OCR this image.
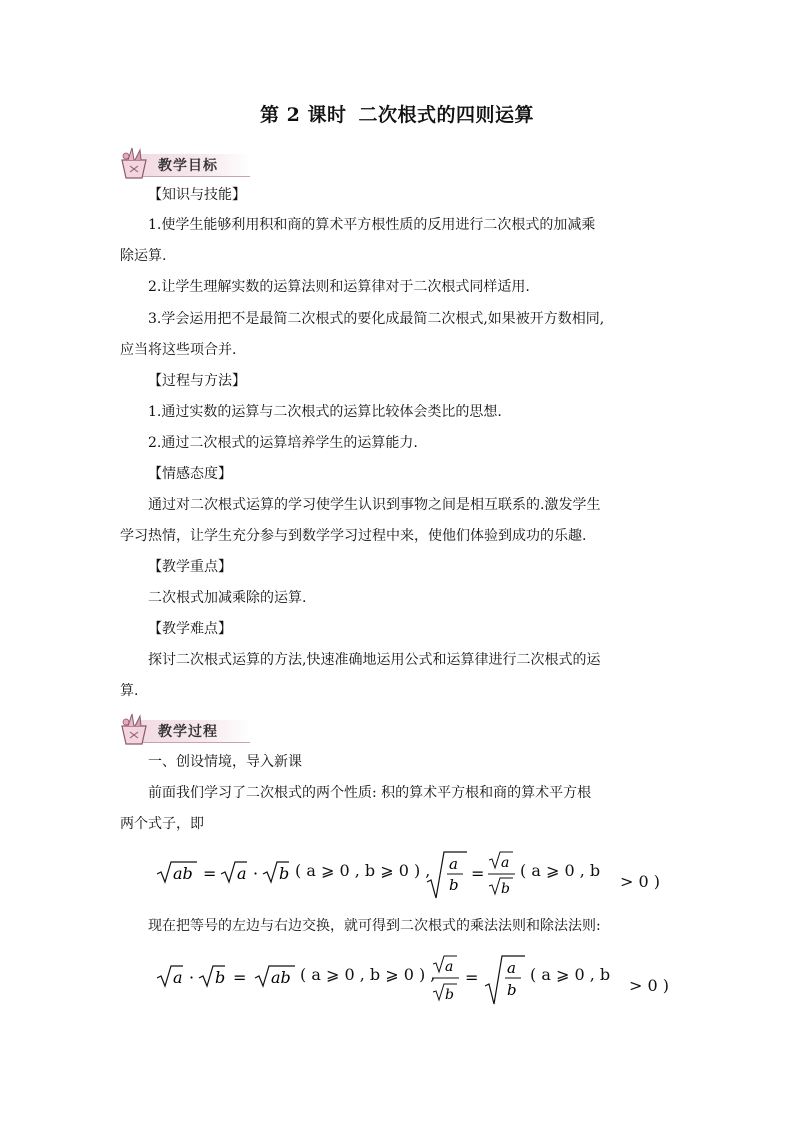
第 2 课时 二次根式的四则运算
教学目标
【知识与技能】
1.使学生能够利用积和商的算术平方根性质的反用进行二次根式的加减乘
除运算.
2.让学生理解实数的运算法则和运算律对于二次根式同样适用.
3.学会运用把不是最简二次根式的要化成最简二次根式,如果被开方数相同,
应当将这些项合并.
【过程与方法】
1.通过实数的运算与二次根式的运算比较体会类比的思想.
2.通过二次根式的运算培养学生的运算能力.
【情感态度】
通过对二次根式运算的学习使学生认识到事物之间是相互联系的.激发学生
学习热情，让学生充分参与到数学学习过程中来，使他们体验到成功的乐趣.
【教学重点】
二次根式加减乘除的运算.
【教学难点】
探讨二次根式运算的方法,快速准确地运用公式和运算律进行二次根式的运
算.
教学过程
一、创设情境，导入新课
前面我们学习了二次根式的两个性质: 积的算术平方根和商的算术平方根
两个式子，即
ab = a · b	a
b
=
a
b
( a ⩾ 0 , b ⩾ 0 ) ,	( a ⩾ 0 , b
> 0 )
现在把等号的左边与右边交换，就可得到二次根式的乘法法则和除法法则:
a · b = ab
a
b
= a
b
( a ⩾ 0 , b ⩾ 0 ) ,	( a ⩾ 0 , b
> 0 )
